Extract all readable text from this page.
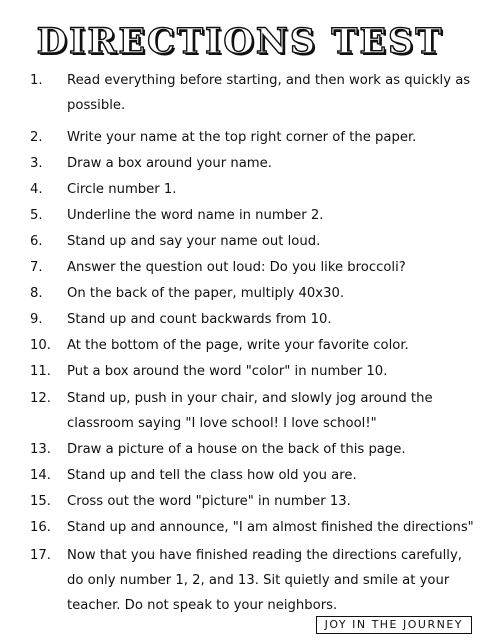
DIRECTIONS TEST
1.	Read everything before starting, and then work as quickly as
possible.
2.	Write your name at the top right corner of the paper.
3.	Draw a box around your name.
4.	Circle number 1.
5.	Underline the word name in number 2.
6.	Stand up and say your name out loud.
7.	Answer the question out loud: Do you like broccoli?
8.	On the back of the paper, multiply 40x30.
9.	Stand up and count backwards from 10.
10.	At the bottom of the page, write your favorite color.
11.	Put a box around the word "color" in number 10.
12.	Stand up, push in your chair, and slowly jog around the
classroom saying "I love school! I love school!"
13.	Draw a picture of a house on the back of this page.
14.	Stand up and tell the class how old you are.
15.	Cross out the word "picture" in number 13.
16.	Stand up and announce, "I am almost finished the directions"
17.	Now that you have finished reading the directions carefully,
do only number 1, 2, and 13. Sit quietly and smile at your
teacher. Do not speak to your neighbors.
JOY IN THE JOURNEY
